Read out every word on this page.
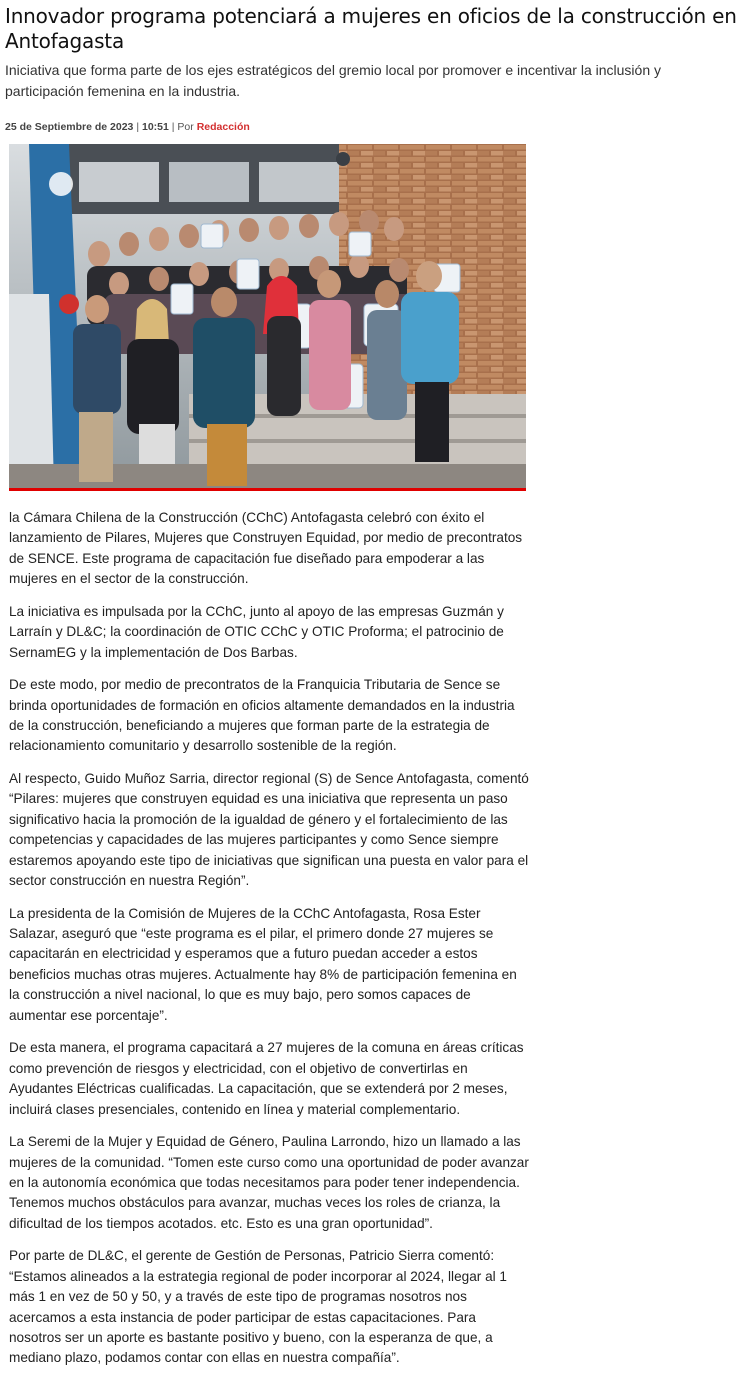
Innovador programa potenciará a mujeres en oficios de la construcción en Antofagasta

Iniciativa que forma parte de los ejes estratégicos del gremio local por promover e incentivar la inclusión y participación femenina en la industria.

25 de Septiembre de 2023 | 10:51 | Por Redacción

la Cámara Chilena de la Construcción (CChC) Antofagasta celebró con éxito el lanzamiento de Pilares, Mujeres que Construyen Equidad, por medio de precontratos de SENCE. Este programa de capacitación fue diseñado para empoderar a las mujeres en el sector de la construcción.

La iniciativa es impulsada por la CChC, junto al apoyo de las empresas Guzmán y Larraín y DL&C; la coordinación de OTIC CChC y OTIC Proforma; el patrocinio de SernamEG y la implementación de Dos Barbas.

De este modo, por medio de precontratos de la Franquicia Tributaria de Sence se brinda oportunidades de formación en oficios altamente demandados en la industria de la construcción, beneficiando a mujeres que forman parte de la estrategia de relacionamiento comunitario y desarrollo sostenible de la región.

Al respecto, Guido Muñoz Sarria, director regional (S) de Sence Antofagasta, comentó “Pilares: mujeres que construyen equidad es una iniciativa que representa un paso significativo hacia la promoción de la igualdad de género y el fortalecimiento de las competencias y capacidades de las mujeres participantes y como Sence siempre estaremos apoyando este tipo de iniciativas que significan una puesta en valor para el sector construcción en nuestra Región”.

La presidenta de la Comisión de Mujeres de la CChC Antofagasta, Rosa Ester Salazar, aseguró que “este programa es el pilar, el primero donde 27 mujeres se capacitarán en electricidad y esperamos que a futuro puedan acceder a estos beneficios muchas otras mujeres. Actualmente hay 8% de participación femenina en la construcción a nivel nacional, lo que es muy bajo, pero somos capaces de aumentar ese porcentaje”.

De esta manera, el programa capacitará a 27 mujeres de la comuna en áreas críticas como prevención de riesgos y electricidad, con el objetivo de convertirlas en Ayudantes Eléctricas cualificadas. La capacitación, que se extenderá por 2 meses, incluirá clases presenciales, contenido en línea y material complementario.

La Seremi de la Mujer y Equidad de Género, Paulina Larrondo, hizo un llamado a las mujeres de la comunidad. “Tomen este curso como una oportunidad de poder avanzar en la autonomía económica que todas necesitamos para poder tener independencia. Tenemos muchos obstáculos para avanzar, muchas veces los roles de crianza, la dificultad de los tiempos acotados. etc. Esto es una gran oportunidad”.

Por parte de DL&C, el gerente de Gestión de Personas, Patricio Sierra comentó: “Estamos alineados a la estrategia regional de poder incorporar al 2024, llegar al 1 más 1 en vez de 50 y 50, y a través de este tipo de programas nosotros nos acercamos a esta instancia de poder participar de estas capacitaciones. Para nosotros ser un aporte es bastante positivo y bueno, con la esperanza de que, a mediano plazo, podamos contar con ellas en nuestra compañía”.
